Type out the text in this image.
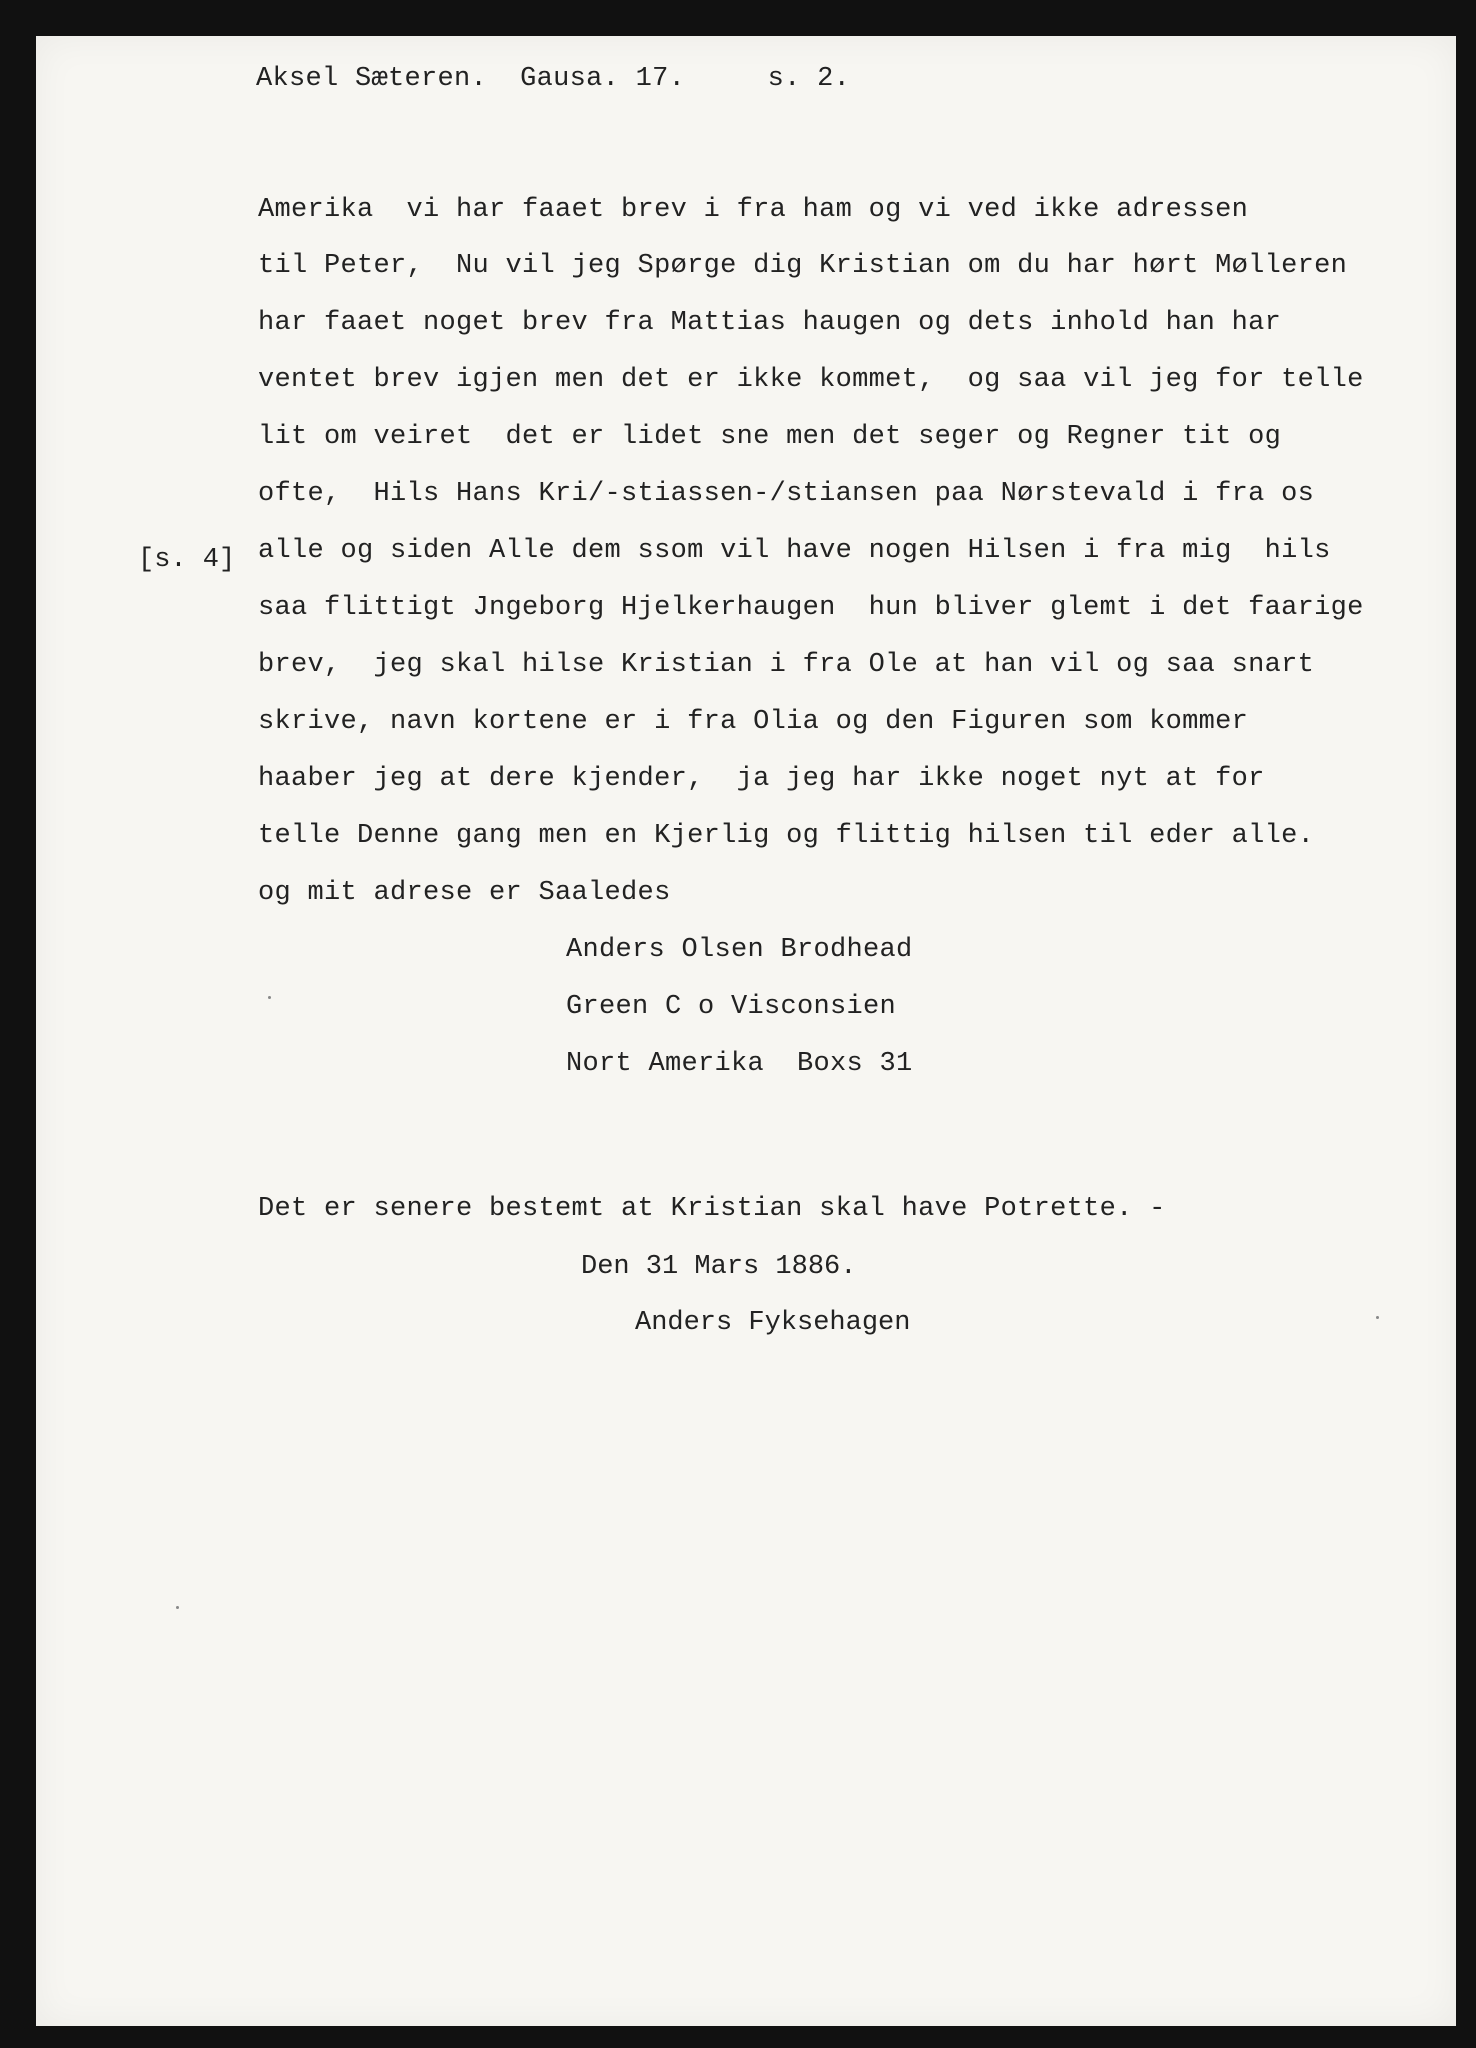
Aksel Sæteren. Gausa. 17.	s. 2.
[s. 4]
Amerika  vi har faaet brev i fra ham og vi ved ikke adressen
til Peter,  Nu vil jeg Spørge dig Kristian om du har hørt Mølleren
har faaet noget brev fra Mattias haugen og dets inhold han har
ventet brev igjen men det er ikke kommet,  og saa vil jeg for telle
lit om veiret  det er lidet sne men det seger og Regner tit og
ofte,  Hils Hans Kri/-stiassen-/stiansen paa Nørstevald i fra os
alle og siden Alle dem ssom vil have nogen Hilsen i fra mig  hils
saa flittigt Jngeborg Hjelkerhaugen  hun bliver glemt i det faarige
brev,  jeg skal hilse Kristian i fra Ole at han vil og saa snart
skrive, navn kortene er i fra Olia og den Figuren som kommer
haaber jeg at dere kjender,  ja jeg har ikke noget nyt at for
telle Denne gang men en Kjerlig og flittig hilsen til eder alle.
og mit adrese er Saaledes
Anders Olsen Brodhead
Green C o Visconsien
Nort Amerika  Boxs 31
Det er senere bestemt at Kristian skal have Potrette. -
Den 31 Mars 1886.
Anders Fyksehagen
